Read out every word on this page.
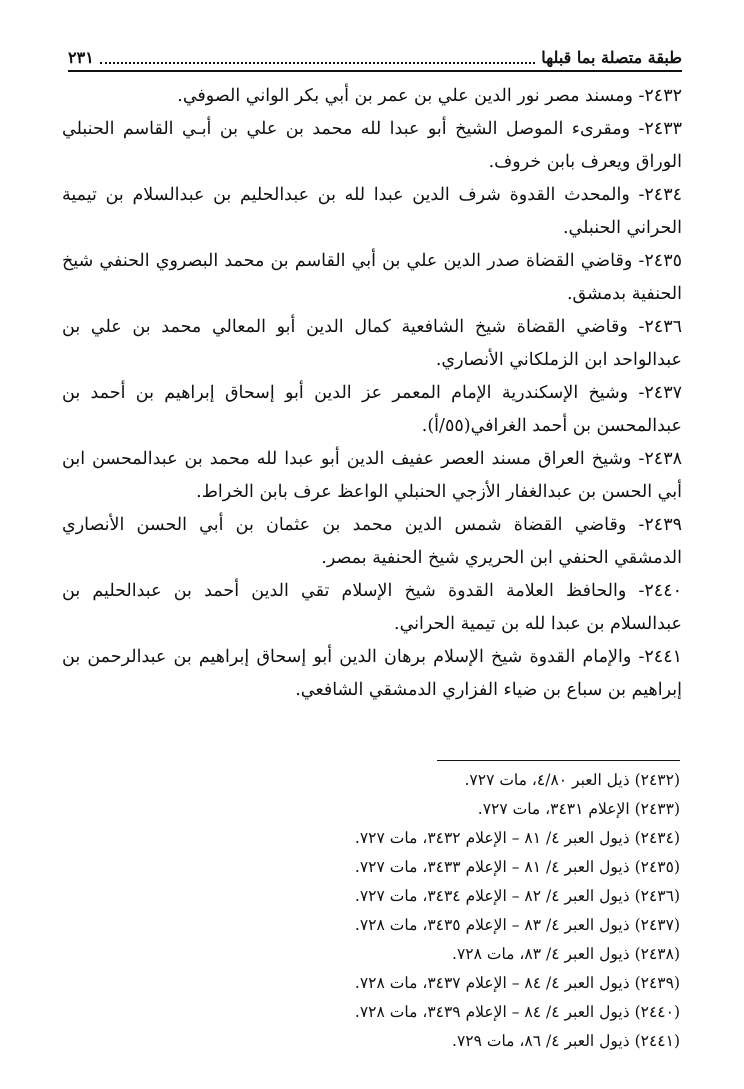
طبقة متصلة بما قبلها
٢٣١

٢٤٣٢- ومسند مصر نور الدين علي بن عمر بن أبي بكر الواني الصوفي.

٢٤٣٣- ومقرىء الموصل الشيخ أبو عبدا لله محمد بن علي بن أبـي القاسم الحنبلي الوراق ويعرف بابن خروف.

٢٤٣٤- والمحدث القدوة شرف الدين عبدا لله بن عبدالحليم بن عبدالسلام بن تيمية الحراني الحنبلي.

٢٤٣٥- وقاضي القضاة صدر الدين علي بن أبي القاسم بن محمد البصروي الحنفي شيخ الحنفية بدمشق.

٢٤٣٦- وقاضي القضاة شيخ الشافعية كمال الدين أبو المعالي محمد بن علي بن عبدالواحد ابن الزملكاني الأنصاري.

٢٤٣٧- وشيخ الإسكندرية الإمام المعمر عز الدين أبو إسحاق إبراهيم بن أحمد بن عبدالمحسن بن أحمد الغرافي(٥٥/أ).

٢٤٣٨- وشيخ العراق مسند العصر عفيف الدين أبو عبدا لله محمد بن عبدالمحسن ابن أبي الحسن بن عبدالغفار الأزجي الحنبلي الواعظ عرف بابن الخراط.

٢٤٣٩- وقاضي القضاة شمس الدين محمد بن عثمان بن أبي الحسن الأنصاري الدمشقي الحنفي ابن الحريري شيخ الحنفية بمصر.

٢٤٤٠- والحافظ العلامة القدوة شيخ الإسلام تقي الدين أحمد بن عبدالحليم بن عبدالسلام بن عبدا لله بن تيمية الحراني.

٢٤٤١- والإمام القدوة شيخ الإسلام برهان الدين أبو إسحاق إبراهيم بن عبدالرحمن بن إبراهيم بن سباع بن ضياء الفزاري الدمشقي الشافعي.

(٢٤٣٢) ذيل العبر ٤/٨٠، مات ٧٢٧.
(٢٤٣٣) الإعلام ٣٤٣١، مات ٧٢٧.
(٢٤٣٤) ذيول العبر ٤/ ٨١ – الإعلام ٣٤٣٢، مات ٧٢٧.
(٢٤٣٥) ذيول العبر ٤/ ٨١ – الإعلام ٣٤٣٣، مات ٧٢٧.
(٢٤٣٦) ذيول العبر ٤/ ٨٢ – الإعلام ٣٤٣٤، مات ٧٢٧.
(٢٤٣٧) ذيول العبر ٤/ ٨٣ – الإعلام ٣٤٣٥، مات ٧٢٨.
(٢٤٣٨) ذيول العبر ٤/ ٨٣، مات ٧٢٨.
(٢٤٣٩) ذيول العبر ٤/ ٨٤ – الإعلام ٣٤٣٧، مات ٧٢٨.
(٢٤٤٠) ذيول العبر ٤/ ٨٤ – الإعلام ٣٤٣٩، مات ٧٢٨.
(٢٤٤١) ذيول العبر ٤/ ٨٦، مات ٧٢٩.
